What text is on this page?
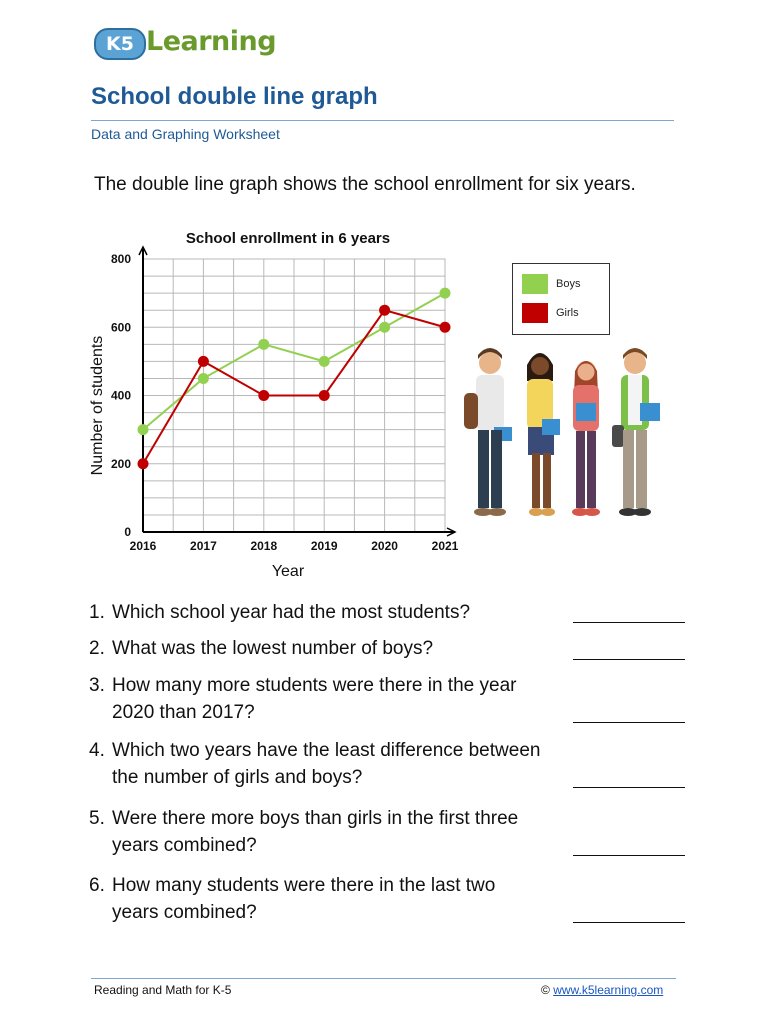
K5 Learning
School double line graph
Data and Graphing Worksheet
The double line graph shows the school enrollment for six years.
0
200
400
600
800
2016	2017	2018	2019	2020	2021
School enrollment in 6 years
Year
Number of students
Boys
Girls
1. Which school year had the most students?
2. What was the lowest number of boys?
3. How many more students were there in the year
2020 than 2017?
4. Which two years have the least difference between
the number of girls and boys?
5. Were there more boys than girls in the first three
years combined?
6. How many students were there in the last two
years combined?
Reading and Math for K-5	© www.k5learning.com
